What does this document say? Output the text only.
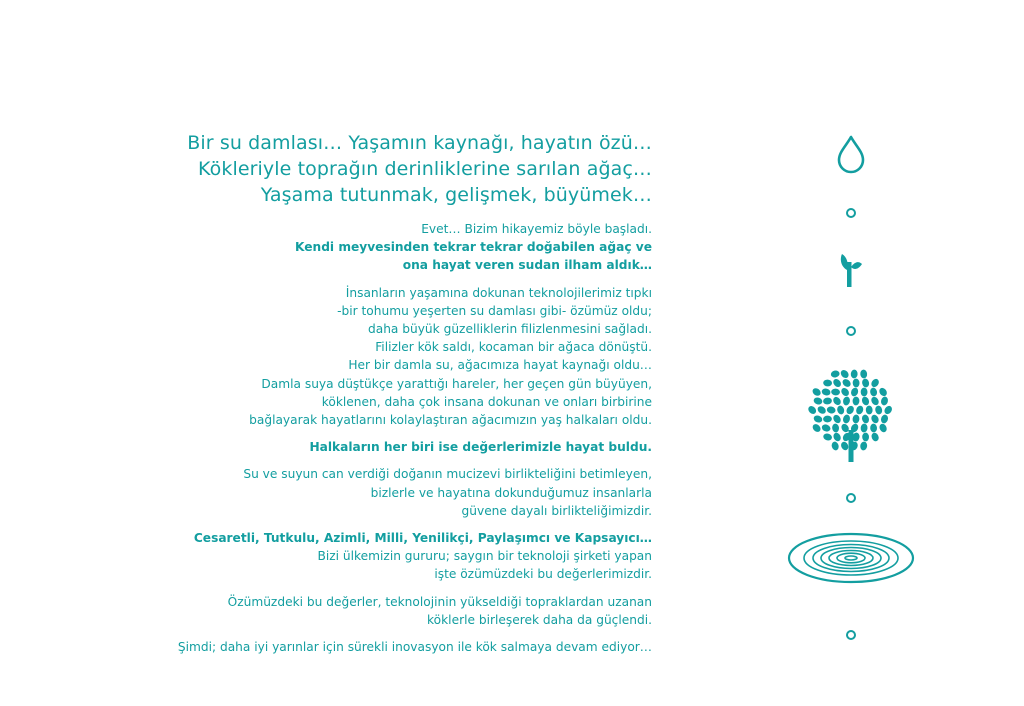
Bir su damlası… Yaşamın kaynağı, hayatın özü…
Kökleriyle toprağın derinliklerine sarılan ağaç…
Yaşama tutunmak, gelişmek, büyümek…
Evet… Bizim hikayemiz böyle başladı.
Kendi meyvesinden tekrar tekrar doğabilen ağaç ve
ona hayat veren sudan ilham aldık…
İnsanların yaşamına dokunan teknolojilerimiz tıpkı
-bir tohumu yeşerten su damlası gibi- özümüz oldu;
daha büyük güzelliklerin filizlenmesini sağladı.
Filizler kök saldı, kocaman bir ağaca dönüştü.
Her bir damla su, ağacımıza hayat kaynağı oldu…
Damla suya düştükçe yarattığı hareler, her geçen gün büyüyen,
köklenen, daha çok insana dokunan ve onları birbirine
bağlayarak hayatlarını kolaylaştıran ağacımızın yaş halkaları oldu.
Halkaların her biri ise değerlerimizle hayat buldu.
Su ve suyun can verdiği doğanın mucizevi birlikteliğini betimleyen,
bizlerle ve hayatına dokunduğumuz insanlarla
güvene dayalı birlikteliğimizdir.
Cesaretli, Tutkulu, Azimli, Milli, Yenilikçi, Paylaşımcı ve Kapsayıcı…
Bizi ülkemizin gururu; saygın bir teknoloji şirketi yapan
işte özümüzdeki bu değerlerimizdir.
Özümüzdeki bu değerler, teknolojinin yükseldiği topraklardan uzanan
köklerle birleşerek daha da güçlendi.
Şimdi; daha iyi yarınlar için sürekli inovasyon ile kök salmaya devam ediyor…
